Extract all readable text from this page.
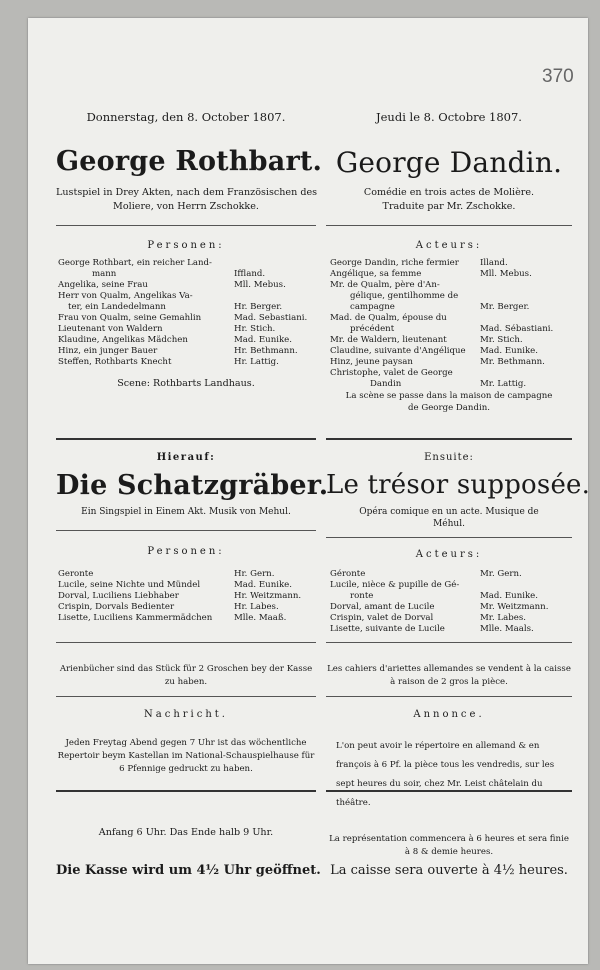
370

Donnerstag, den 8. October 1807.

George Rothbart.

Lustspiel in Drey Akten, nach dem Französischen des

Moliere, von Herrn Zschokke.

Personen:

George Rothbart, ein reicher Land-
mann	Iffland.
Angelika, seine Frau	Mll. Mebus.
Herr von Qualm, Angelikas Va-
ter, ein Landedelmann	Hr. Berger.
Frau von Qualm, seine Gemahlin	Mad. Sebastiani.
Lieutenant von Waldern	Hr. Stich.
Klaudine, Angelikas Mädchen	Mad. Eunike.
Hinz, ein junger Bauer	Hr. Bethmann.
Steffen, Rothbarts Knecht	Hr. Lattig.

Scene: Rothbarts Landhaus.

Hierauf:

Die Schatzgräber.

Ein Singspiel in Einem Akt. Musik von Mehul.

Personen:

Geronte	Hr. Gern.
Lucile, seine Nichte und Mündel	Mad. Eunike.
Dorval, Luciliens Liebhaber	Hr. Weitzmann.
Crispin, Dorvals Bedienter	Hr. Labes.
Lisette, Luciliens Kammermädchen	Mlle. Maaß.

Arienbücher sind das Stück für 2 Groschen bey der Kasse zu haben.

Nachricht.

Jeden Freytag Abend gegen 7 Uhr ist das wöchentliche Repertoir beym Kastellan im National-Schauspielhause für 6 Pfennige gedruckt zu haben.

Anfang 6 Uhr. Das Ende halb 9 Uhr.

Die Kasse wird um 4½ Uhr geöffnet.

Jeudi le 8. Octobre 1807.

George Dandin.

Comédie en trois actes de Molière.

Traduite par Mr. Zschokke.

Acteurs:

George Dandin, riche fermier Illand.
Angélique, sa femme	Mll. Mebus.
Mr. de Qualm, père d'An-
gélique, gentilhomme de
campagne	Mr. Berger.
Mad. de Qualm, épouse du
précédent	Mad. Sébastiani.
Mr. de Waldern, lieutenant	Mr. Stich.
Claudine, suivante d'Angélique Mad. Eunike.
Hinz, jeune paysan	Mr. Bethmann.
Christophe, valet de George
Dandin	Mr. Lattig.

La scène se passe dans la maison de campagne

de George Dandin.

Ensuite:

Le trésor supposée.

Opéra comique en un acte. Musique de

Méhul.

Acteurs:

Géronte	Mr. Gern.
Lucile, nièce & pupille de Gé-
ronte	Mad. Eunike.
Dorval, amant de Lucile	Mr. Weitzmann.
Crispin, valet de Dorval	Mr. Labes.
Lisette, suivante de Lucile	Mlle. Maals.

Les cahiers d'ariettes allemandes se vendent à la caisse à raison de 2 gros la pièce.

Annonce.

L'on peut avoir le répertoire en allemand & en françois à 6 Pf. la pièce tous les vendredis, sur les sept heures du soir, chez Mr. Leist châtelain du théâtre.

La représentation commencera à 6 heures et sera finie à 8 & demie heures.

La caisse sera ouverte à 4½ heures.
